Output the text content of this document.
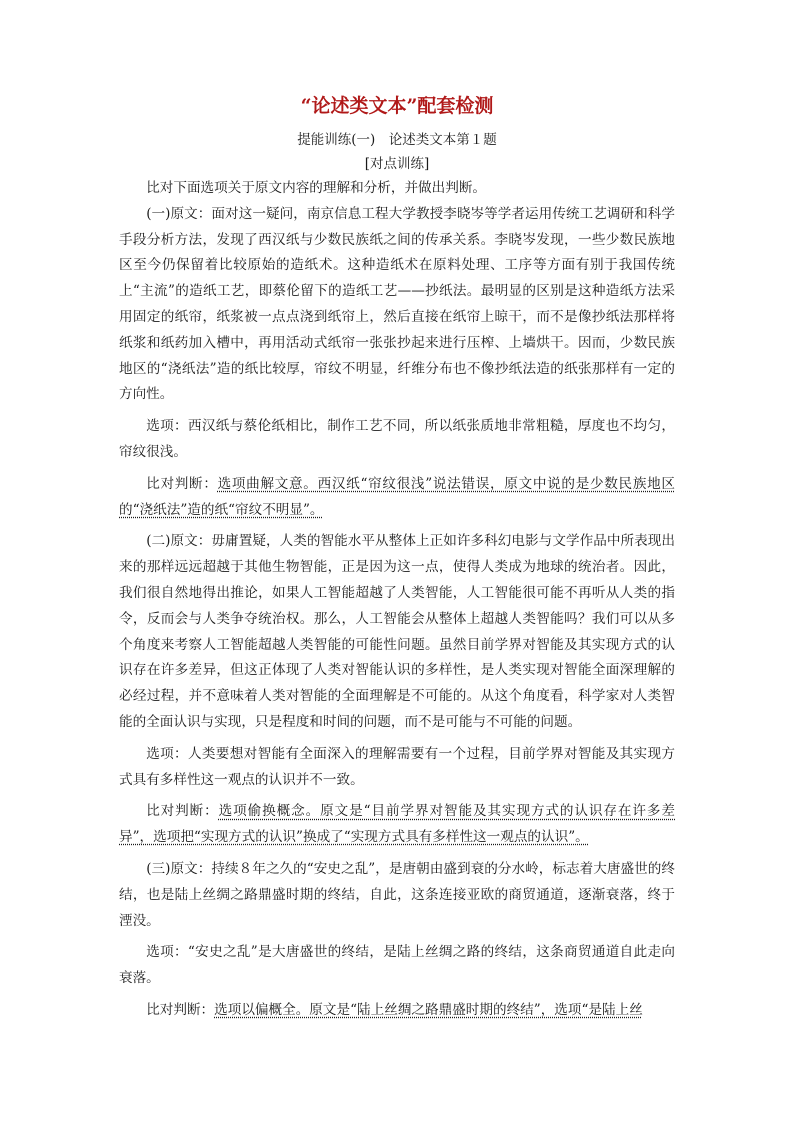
“论述类文本”配套检测
提能训练(一)　论述类文本第１题
[对点训练]

比对下面选项关于原文内容的理解和分析，并做出判断。

(一)原文：面对这一疑问，南京信息工程大学教授李晓岑等学者运用传统工艺调研和科学手段分析方法，发现了西汉纸与少数民族纸之间的传承关系。李晓岑发现，一些少数民族地区至今仍保留着比较原始的造纸术。这种造纸术在原料处理、工序等方面有别于我国传统上“主流”的造纸工艺，即蔡伦留下的造纸工艺——抄纸法。最明显的区别是这种造纸方法采用固定的纸帘，纸浆被一点点浇到纸帘上，然后直接在纸帘上晾干，而不是像抄纸法那样将纸浆和纸药加入槽中，再用活动式纸帘一张张抄起来进行压榨、上墙烘干。因而，少数民族地区的“浇纸法”造的纸比较厚，帘纹不明显，纤维分布也不像抄纸法造的纸张那样有一定的方向性。

选项：西汉纸与蔡伦纸相比，制作工艺不同，所以纸张质地非常粗糙，厚度也不均匀，帘纹很浅。

比对判断：选项曲解文意。西汉纸“帘纹很浅”说法错误，原文中说的是少数民族地区的“浇纸法”造的纸“帘纹不明显”。

(二)原文：毋庸置疑，人类的智能水平从整体上正如许多科幻电影与文学作品中所表现出来的那样远远超越于其他生物智能，正是因为这一点，使得人类成为地球的统治者。因此，我们很自然地得出推论，如果人工智能超越了人类智能，人工智能很可能不再听从人类的指令，反而会与人类争夺统治权。那么，人工智能会从整体上超越人类智能吗？我们可以从多个角度来考察人工智能超越人类智能的可能性问题。虽然目前学界对智能及其实现方式的认识存在许多差异，但这正体现了人类对智能认识的多样性，是人类实现对智能全面深理解的必经过程，并不意味着人类对智能的全面理解是不可能的。从这个角度看，科学家对人类智能的全面认识与实现，只是程度和时间的问题，而不是可能与不可能的问题。

选项：人类要想对智能有全面深入的理解需要有一个过程，目前学界对智能及其实现方式具有多样性这一观点的认识并不一致。

比对判断：选项偷换概念。原文是“目前学界对智能及其实现方式的认识存在许多差异”，选项把“实现方式的认识”换成了“实现方式具有多样性这一观点的认识”。

(三)原文：持续８年之久的“安史之乱”，是唐朝由盛到衰的分水岭，标志着大唐盛世的终结，也是陆上丝绸之路鼎盛时期的终结，自此，这条连接亚欧的商贸通道，逐渐衰落，终于湮没。

选项：“安史之乱”是大唐盛世的终结，是陆上丝绸之路的终结，这条商贸通道自此走向衰落。

比对判断：选项以偏概全。原文是“陆上丝绸之路鼎盛时期的终结”，选项“是陆上丝
